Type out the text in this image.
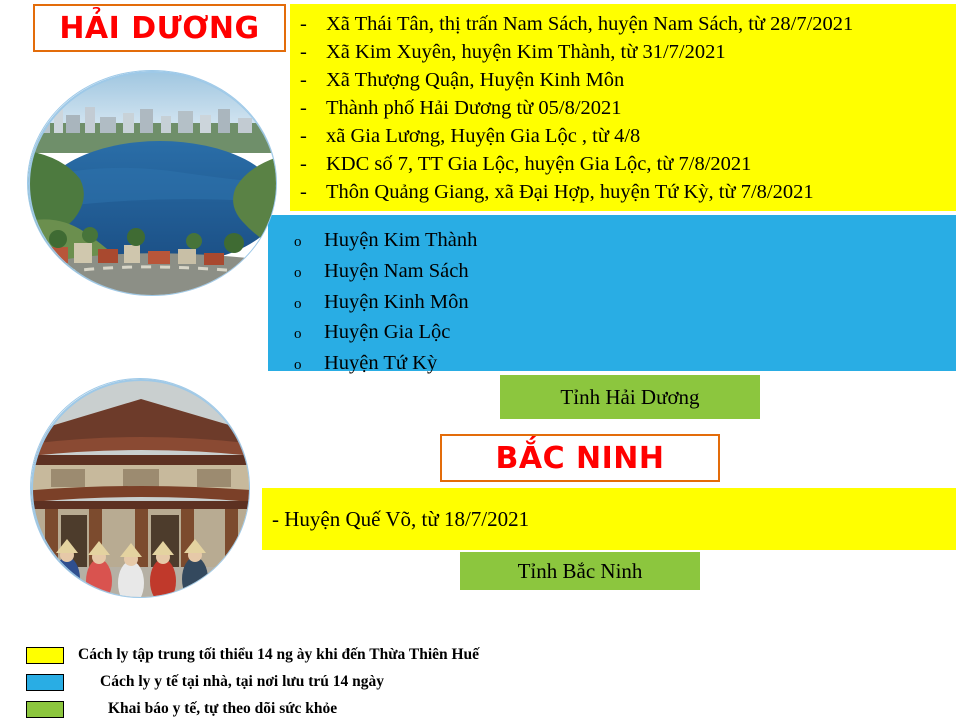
HẢI DƯƠNG - Xã Thái Tân, thị trấn Nam Sách, huyện Nam Sách, từ 28/7/2021
- Xã Kim Xuyên, huyện Kim Thành, từ 31/7/2021
- Xã Thượng Quận, Huyện Kinh Môn
- Thành phố Hải Dương từ 05/8/2021
- xã Gia Lương, Huyện Gia Lộc , từ 4/8
- KDC số 7, TT Gia Lộc, huyện Gia Lộc, từ 7/8/2021
- Thôn Quảng Giang, xã Đại Hợp, huyện Tứ Kỳ, từ 7/8/2021
o	Huyện Kim Thành
o	Huyện Nam Sách
o	Huyện Kinh Môn
o	Huyện Gia Lộc
o	Huyện Tứ Kỳ
Tỉnh Hải Dương
BẮC NINH
- Huyện Quế Võ, từ 18/7/2021
Tỉnh Bắc Ninh
Cách ly tập trung tối thiểu 14 ng ày khi đến Thừa Thiên Huế
Cách ly y tế tại nhà, tại nơi lưu trú 14 ngày
Khai báo y tế, tự theo dõi sức khỏe
